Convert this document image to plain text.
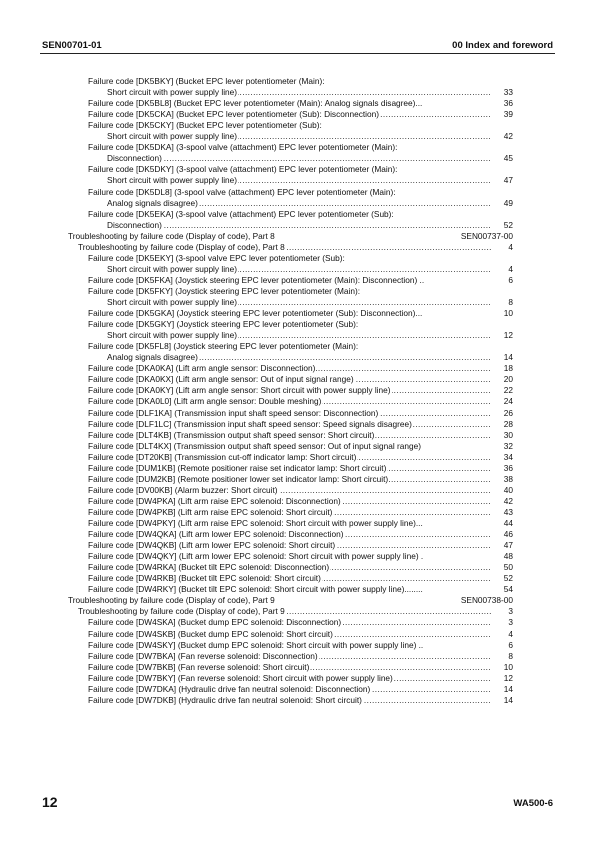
SEN00701-01	00 Index and foreword
Failure code [DK5BKY] (Bucket EPC lever potentiometer (Main):
..... Short circuit with power supply line)	33
Failure code [DK5BL8] (Bucket EPC lever potentiometer (Main): Analog signals disagree)...	36
..... Failure code [DK5CKA] (Bucket EPC lever potentiometer (Sub): Disconnection)	39
Failure code [DK5CKY] (Bucket EPC lever potentiometer (Sub):
..... Short circuit with power supply line)	42
Failure code [DK5DKA] (3-spool valve (attachment) EPC lever potentiometer (Main):
..... Disconnection)	45
Failure code [DK5DKY] (3-spool valve (attachment) EPC lever potentiometer (Main):
..... Short circuit with power supply line)	47
Failure code [DK5DL8] (3-spool valve (attachment) EPC lever potentiometer (Main):
..... Analog signals disagree)	49
Failure code [DK5EKA] (3-spool valve (attachment) EPC lever potentiometer (Sub):
..... Disconnection)	52
Troubleshooting by failure code (Display of code), Part 8	SEN00737-00
..... Troubleshooting by failure code (Display of code), Part 8	4
Failure code [DK5EKY] (3-spool valve EPC lever potentiometer (Sub):
..... Short circuit with power supply line)	4
Failure code [DK5FKA] (Joystick steering EPC lever potentiometer (Main): Disconnection) ..	6
Failure code [DK5FKY] (Joystick steering EPC lever potentiometer (Main):
..... Short circuit with power supply line)	8
Failure code [DK5GKA] (Joystick steering EPC lever potentiometer (Sub): Disconnection)...	10
Failure code [DK5GKY] (Joystick steering EPC lever potentiometer (Sub):
..... Short circuit with power supply line)	12
Failure code [DK5FL8] (Joystick steering EPC lever potentiometer (Main):
..... Analog signals disagree)	14
..... Failure code [DKA0KA] (Lift arm angle sensor: Disconnection)	18
..... Failure code [DKA0KX] (Lift arm angle sensor: Out of input signal range)	20
..... Failure code [DKA0KY] (Lift arm angle sensor: Short circuit with power supply line)	22
..... Failure code [DKA0L0] (Lift arm angle sensor: Double meshing)	24
..... Failure code [DLF1KA] (Transmission input shaft speed sensor: Disconnection)	26
..... Failure code [DLF1LC] (Transmission input shaft speed sensor: Speed signals disagree)	28
..... Failure code [DLT4KB] (Transmission output shaft speed sensor: Short circuit)	30
Failure code [DLT4KX] (Transmission output shaft speed sensor: Out of input signal range)	32
..... Failure code [DT20KB] (Transmission cut-off indicator lamp: Short circuit)	34
..... Failure code [DUM1KB] (Remote positioner raise set indicator lamp: Short circuit)	36
..... Failure code [DUM2KB] (Remote positioner lower set indicator lamp: Short circuit)	38
..... Failure code [DV00KB] (Alarm buzzer: Short circuit)	40
..... Failure code [DW4PKA] (Lift arm raise EPC solenoid: Disconnection)	42
..... Failure code [DW4PKB] (Lift arm raise EPC solenoid: Short circuit)	43
Failure code [DW4PKY] (Lift arm raise EPC solenoid: Short circuit with power supply line)...	44
..... Failure code [DW4QKA] (Lift arm lower EPC solenoid: Disconnection)	46
..... Failure code [DW4QKB] (Lift arm lower EPC solenoid: Short circuit)	47
Failure code [DW4QKY] (Lift arm lower EPC solenoid: Short circuit with power supply line) .	48
..... Failure code [DW4RKA] (Bucket tilt EPC solenoid: Disconnection)	50
..... Failure code [DW4RKB] (Bucket tilt EPC solenoid: Short circuit)	52
Failure code [DW4RKY] (Bucket tilt EPC solenoid: Short circuit with power supply line)........	54
Troubleshooting by failure code (Display of code), Part 9	SEN00738-00
..... Troubleshooting by failure code (Display of code), Part 9	3
..... Failure code [DW4SKA] (Bucket dump EPC solenoid: Disconnection)	3
..... Failure code [DW4SKB] (Bucket dump EPC solenoid: Short circuit)	4
Failure code [DW4SKY] (Bucket dump EPC solenoid: Short circuit with power supply line) ..	6
..... Failure code [DW7BKA] (Fan reverse solenoid: Disconnection)	8
..... Failure code [DW7BKB] (Fan reverse solenoid: Short circuit)	10
..... Failure code [DW7BKY] (Fan reverse solenoid: Short circuit with power supply line)	12
..... Failure code [DW7DKA] (Hydraulic drive fan neutral solenoid: Disconnection)	14
..... Failure code [DW7DKB] (Hydraulic drive fan neutral solenoid: Short circuit)	14
12	WA500-6
